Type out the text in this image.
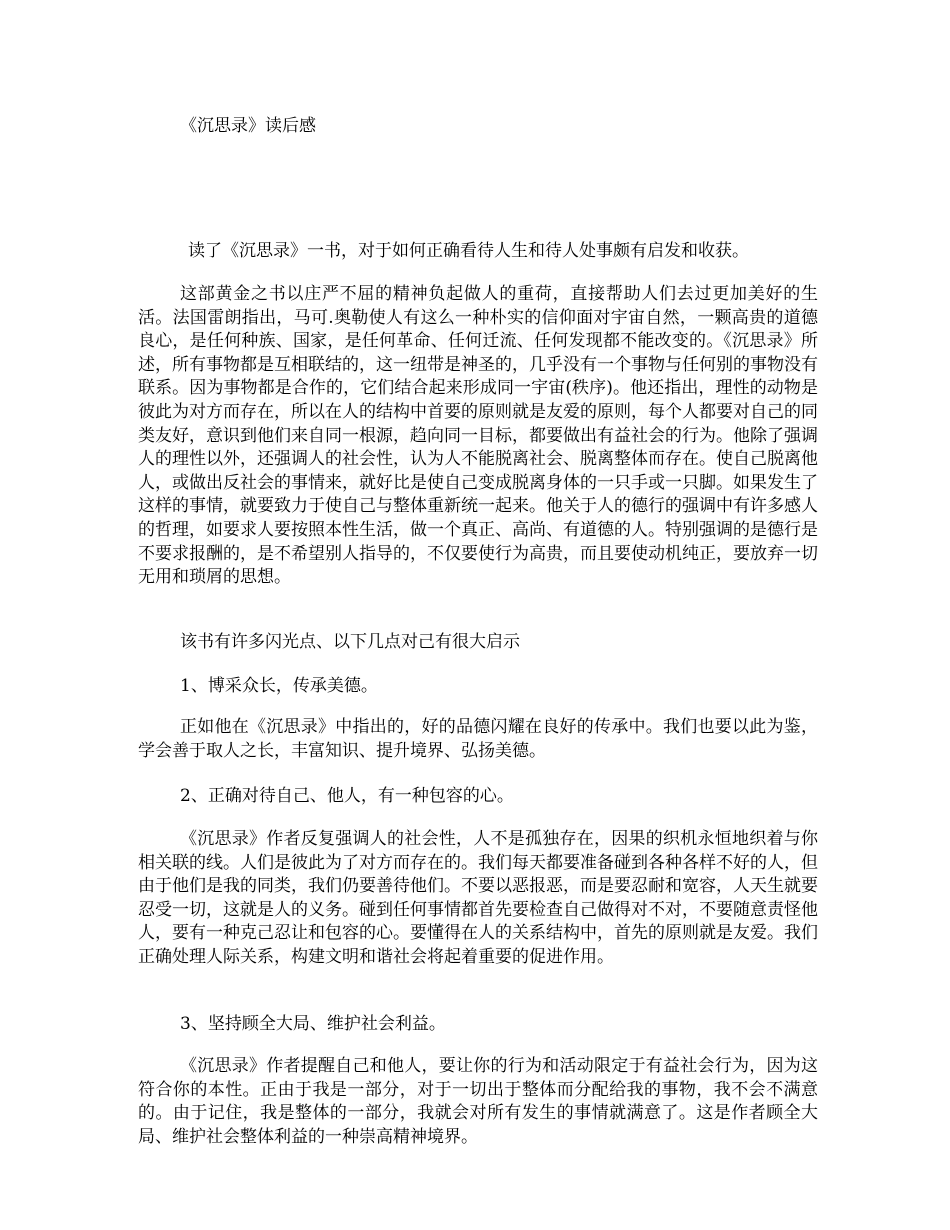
《沉思录》读后感
读了《沉思录》一书，对于如何正确看待人生和待人处事颇有启发和收获。

这部黄金之书以庄严不屈的精神负起做人的重荷，直接帮助人们去过更加美好的生活。法国雷朗指出，马可.奥勒使人有这么一种朴实的信仰面对宇宙自然，一颗高贵的道德良心，是任何种族、国家，是任何革命、任何迁流、任何发现都不能改变的。《沉思录》所述，所有事物都是互相联结的，这一纽带是神圣的，几乎没有一个事物与任何别的事物没有联系。因为事物都是合作的，它们结合起来形成同一宇宙(秩序)。他还指出，理性的动物是彼此为对方而存在，所以在人的结构中首要的原则就是友爱的原则，每个人都要对自己的同类友好，意识到他们来自同一根源，趋向同一目标，都要做出有益社会的行为。他除了强调人的理性以外，还强调人的社会性，认为人不能脱离社会、脱离整体而存在。使自己脱离他人，或做出反社会的事情来，就好比是使自己变成脱离身体的一只手或一只脚。如果发生了这样的事情，就要致力于使自己与整体重新统一起来。他关于人的德行的强调中有许多感人的哲理，如要求人要按照本性生活，做一个真正、高尚、有道德的人。特别强调的是德行是不要求报酬的，是不希望别人指导的，不仅要使行为高贵，而且要使动机纯正，要放弃一切无用和琐屑的思想。

该书有许多闪光点、以下几点对己有很大启示
1、博采众长，传承美德。

正如他在《沉思录》中指出的，好的品德闪耀在良好的传承中。我们也要以此为鉴，学会善于取人之长，丰富知识、提升境界、弘扬美德。

2、正确对待自己、他人，有一种包容的心。

《沉思录》作者反复强调人的社会性，人不是孤独存在，因果的织机永恒地织着与你相关联的线。人们是彼此为了对方而存在的。我们每天都要准备碰到各种各样不好的人，但由于他们是我的同类，我们仍要善待他们。不要以恶报恶，而是要忍耐和宽容，人天生就要忍受一切，这就是人的义务。碰到任何事情都首先要检查自己做得对不对，不要随意责怪他人，要有一种克己忍让和包容的心。要懂得在人的关系结构中，首先的原则就是友爱。我们正确处理人际关系，构建文明和谐社会将起着重要的促进作用。

3、坚持顾全大局、维护社会利益。

《沉思录》作者提醒自己和他人，要让你的行为和活动限定于有益社会行为，因为这符合你的本性。正由于我是一部分，对于一切出于整体而分配给我的事物，我不会不满意的。由于记住，我是整体的一部分，我就会对所有发生的事情就满意了。这是作者顾全大局、维护社会整体利益的一种崇高精神境界。
